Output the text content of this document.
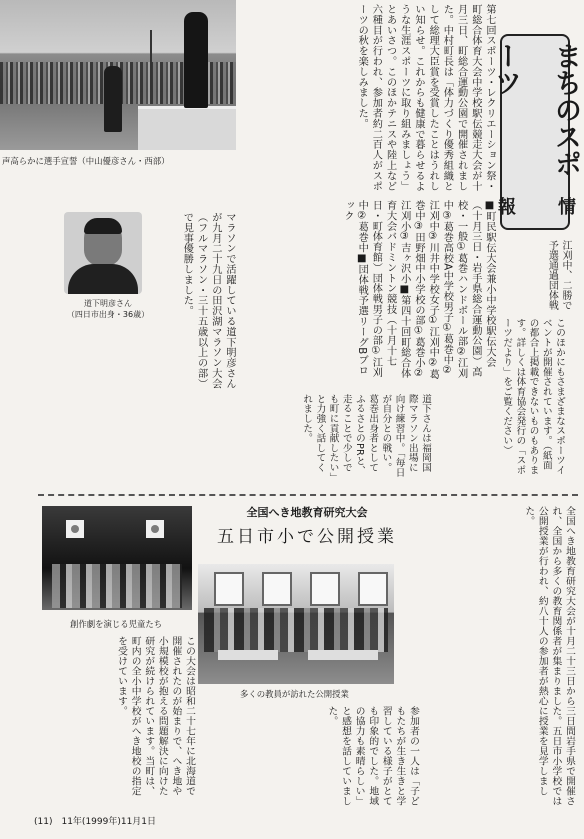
声高らかに選手宣誓（中山優彦さん・西部）	第七回スポーツ・レクリエーション祭・町総合体育大会中学校駅伝競走大会が十月三日、町総合運動公園で開催されました。中村町長は「体力づくり優秀組織として総理大臣賞を受賞したことはうれしい知らせ。これからも健康で暮らせるような生涯スポーツに取り組みましょう」とあいさつ。このほかテニスや陸上など六種目が行われ、参加者約二百人がスポーツの秋を楽しみました。
■町民駅伝大会兼小中学校駅伝大会（十月三日・岩手県総合運動公園）高校・一般①葛巻ハンドボール部②江刈中③葛巻高校A中学校男子①葛巻中②江刈中③川井中学校女子①江刈中②葛巻中③田野畑中小学校の部①葛巻小②江刈小③吉ヶ沢小■第四十回町総合体育大会バドミントン競技（十月十七日・町体育館）団体戦男子の部①江刈中②葛巻中■団体戦予選リーグBブロック
まちのスポーツ
情報
江刈中、二勝で予選通過団体戦
道下明彦さん
（四日市出身・36歳）	マラソンで活躍している道下明彦さんが九月二十九日の田沢湖マラソン大会（フルマラソン・三十五歳以上の部）で見事優勝しました。
道下さんは福岡国際マラソン出場に向け練習中。「毎日が自分との戦い。葛巻出身者としてふるさとのPRと、走ることで少しでも町に貢献したい」と力強く話してくれました。	このほかにもさまざまなスポーツイベントが開催されています。（紙面の都合上掲載できないものもあります。詳しくは体育協会発行の「スポーツだより」をご覧ください）
創作劇を演じる児童たち
全国へき地教育研究大会
五日市小で公開授業
多くの教員が訪れた公開授業	全国へき地教育研究大会が十月二十三日から三日間岩手県で開催され、全国から多くの教育関係者が集まりました。五日市小学校では公開授業が行われ、約八十人の参加者が熱心に授業を見学しました。
この大会は昭和二十七年に北海道で開催されたのが始まりで、へき地や小規模校が抱える問題解決に向けた研究が続けられています。当町は、町内の全小中学校がへき地校の指定を受けています。
参加者の一人は「子どもたちが生き生きと学習している様子がとても印象的でした。地域の協力も素晴らしい」と感想を話していました。
(11)　11年(1999年)11月1日
